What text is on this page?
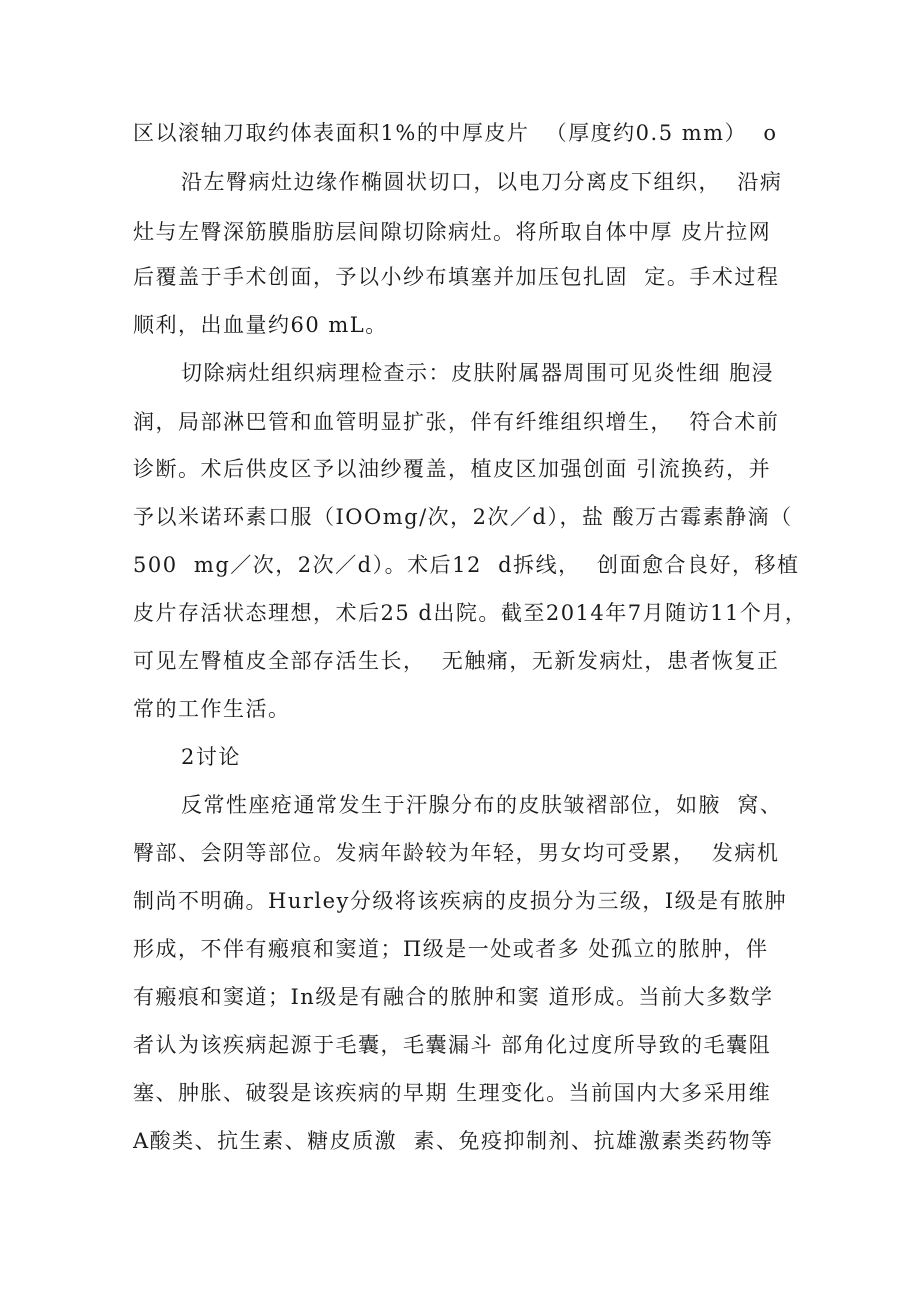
区以滚轴刀取约体表面积1%的中厚皮片  （厚度约0.5 mm）  o
沿左臀病灶边缘作椭圆状切口，以电刀分离皮下组织，  沿病
灶与左臀深筋膜脂肪层间隙切除病灶。将所取自体中厚 皮片拉网
后覆盖于手术创面，予以小纱布填塞并加压包扎固  定。手术过程
顺利，出血量约60 mL。
切除病灶组织病理检查示：皮肤附属器周围可见炎性细 胞浸
润，局部淋巴管和血管明显扩张，伴有纤维组织增生，  符合术前
诊断。术后供皮区予以油纱覆盖，植皮区加强创面 引流换药，并
予以米诺环素口服（IOOmg/次，2次／d），盐 酸万古霉素静滴（
500  mg／次，2次／d）。术后12  d拆线，  创面愈合良好，移植
皮片存活状态理想，术后25 d出院。截至2014年7月随访11个月，
可见左臀植皮全部存活生长，  无触痛，无新发病灶，患者恢复正
常的工作生活。
2讨论
反常性座疮通常发生于汗腺分布的皮肤皱褶部位，如腋  窝、
臀部、会阴等部位。发病年龄较为年轻，男女均可受累，  发病机
制尚不明确。Hurley分级将该疾病的皮损分为三级，I级是有脓肿
形成，不伴有瘢痕和窦道；Π级是一处或者多 处孤立的脓肿，伴
有瘢痕和窦道；In级是有融合的脓肿和窦 道形成。当前大多数学
者认为该疾病起源于毛囊，毛囊漏斗 部角化过度所导致的毛囊阻
塞、肿胀、破裂是该疾病的早期 生理变化。当前国内大多采用维
A酸类、抗生素、糖皮质激  素、免疫抑制剂、抗雄激素类药物等
